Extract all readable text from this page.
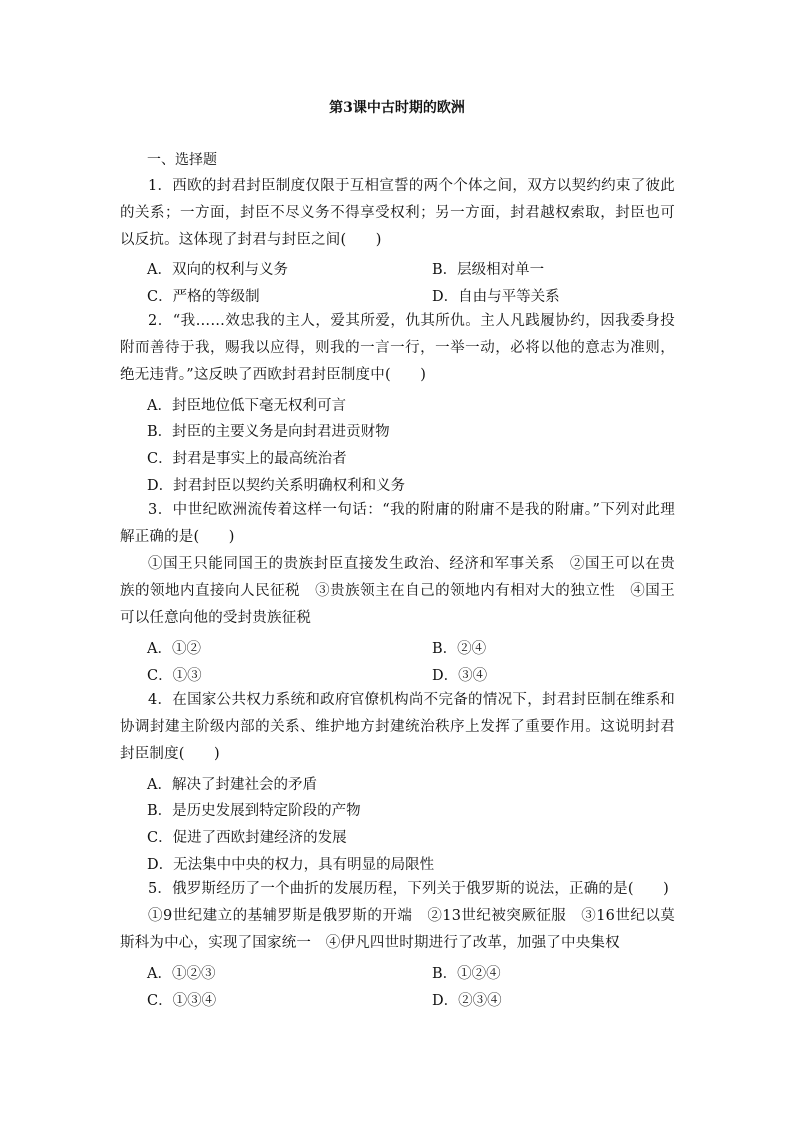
第3课中古时期的欧洲
一、选择题

1．西欧的封君封臣制度仅限于互相宣誓的两个个体之间，双方以契约约束了彼此的关系；一方面，封臣不尽义务不得享受权利；另一方面，封君越权索取，封臣也可以反抗。这体现了封君与封臣之间(　　)

A．双向的权利与义务	B．层级相对单一
C．严格的等级制	D．自由与平等关系

2．“我……效忠我的主人，爱其所爱，仇其所仇。主人凡践履协约，因我委身投附而善待于我，赐我以应得，则我的一言一行，一举一动，必将以他的意志为准则，绝无违背。”这反映了西欧封君封臣制度中(　　)

A．封臣地位低下毫无权利可言
B．封臣的主要义务是向封君进贡财物
C．封君是事实上的最高统治者
D．封君封臣以契约关系明确权利和义务

3．中世纪欧洲流传着这样一句话：“我的附庸的附庸不是我的附庸。”下列对此理解正确的是(　　)

①国王只能同国王的贵族封臣直接发生政治、经济和军事关系　②国王可以在贵族的领地内直接向人民征税　③贵族领主在自己的领地内有相对大的独立性　④国王可以任意向他的受封贵族征税

A．①②	B．②④
C．①③	D．③④

4．在国家公共权力系统和政府官僚机构尚不完备的情况下，封君封臣制在维系和协调封建主阶级内部的关系、维护地方封建统治秩序上发挥了重要作用。这说明封君封臣制度(　　)

A．解决了封建社会的矛盾
B．是历史发展到特定阶段的产物
C．促进了西欧封建经济的发展
D．无法集中中央的权力，具有明显的局限性

5．俄罗斯经历了一个曲折的发展历程，下列关于俄罗斯的说法，正确的是(　　)

①9世纪建立的基辅罗斯是俄罗斯的开端　②13世纪被突厥征服　③16世纪以莫斯科为中心，实现了国家统一　④伊凡四世时期进行了改革，加强了中央集权

A．①②③	B．①②④
C．①③④	D．②③④
